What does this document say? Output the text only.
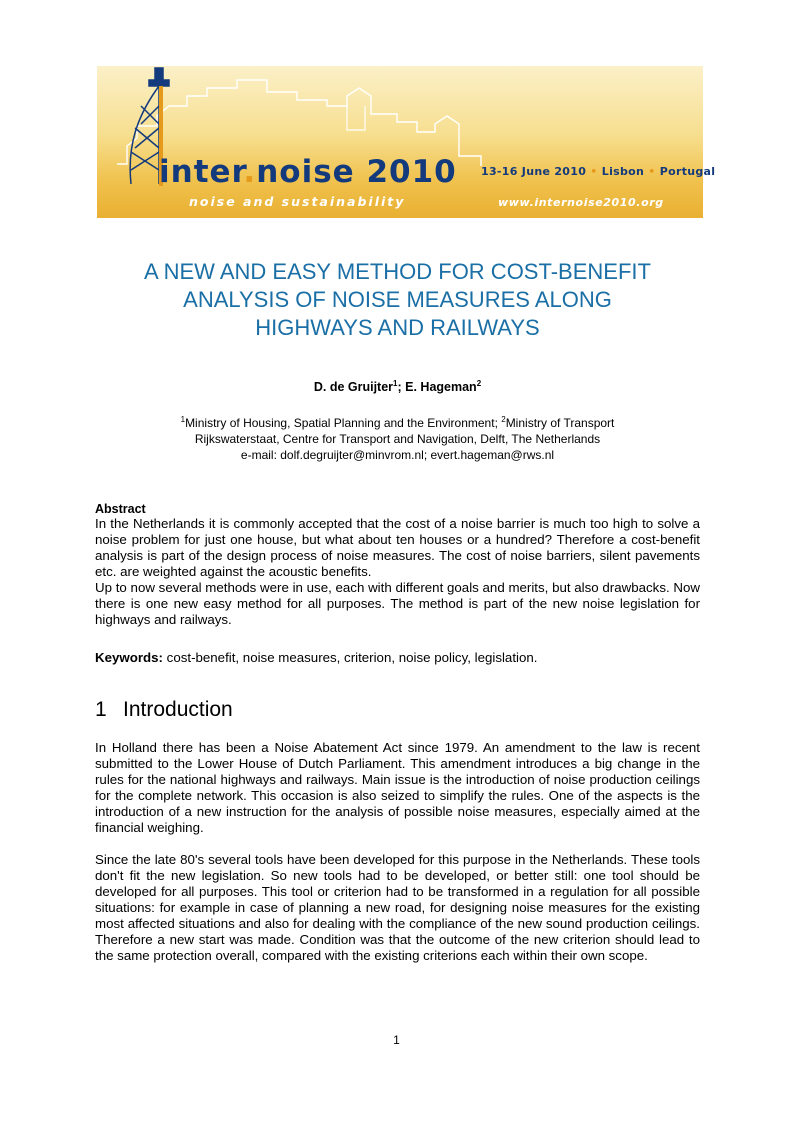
inter.noise 2010
noise and sustainability
13-16 June 2010 • Lisbon • Portugal
www.internoise2010.org
A NEW AND EASY METHOD FOR COST-BENEFIT
ANALYSIS OF NOISE MEASURES ALONG
HIGHWAYS AND RAILWAYS
D. de Gruijter$^1$; E. Hageman$^2$
$^1$Ministry of Housing, Spatial Planning and the Environment; $^2$Ministry of Transport
Rijkswaterstaat, Centre for Transport and Navigation, Delft, The Netherlands
e-mail: dolf.degruijter@minvrom.nl; evert.hageman@rws.nl
Abstract
In the Netherlands it is commonly accepted that the cost of a noise barrier is much too high to solve a noise problem for just one house, but what about ten houses or a hundred? Therefore a cost-benefit analysis is part of the design process of noise measures. The cost of noise barriers, silent pavements etc. are weighted against the acoustic benefits.
Up to now several methods were in use, each with different goals and merits, but also drawbacks. Now there is one new easy method for all purposes. The method is part of the new noise legislation for highways and railways.
Keywords: cost-benefit, noise measures, criterion, noise policy, legislation.
1 Introduction
In Holland there has been a Noise Abatement Act since 1979. An amendment to the law is recent submitted to the Lower House of Dutch Parliament. This amendment introduces a big change in the rules for the national highways and railways. Main issue is the introduction of noise production ceilings for the complete network. This occasion is also seized to simplify the rules. One of the aspects is the introduction of a new instruction for the analysis of possible noise measures, especially aimed at the financial weighing.
Since the late 80's several tools have been developed for this purpose in the Netherlands. These tools don't fit the new legislation. So new tools had to be developed, or better still: one tool should be developed for all purposes. This tool or criterion had to be transformed in a regulation for all possible situations: for example in case of planning a new road, for designing noise measures for the existing most affected situations and also for dealing with the compliance of the new sound production ceilings. Therefore a new start was made. Condition was that the outcome of the new criterion should lead to the same protection overall, compared with the existing criterions each within their own scope.
1
